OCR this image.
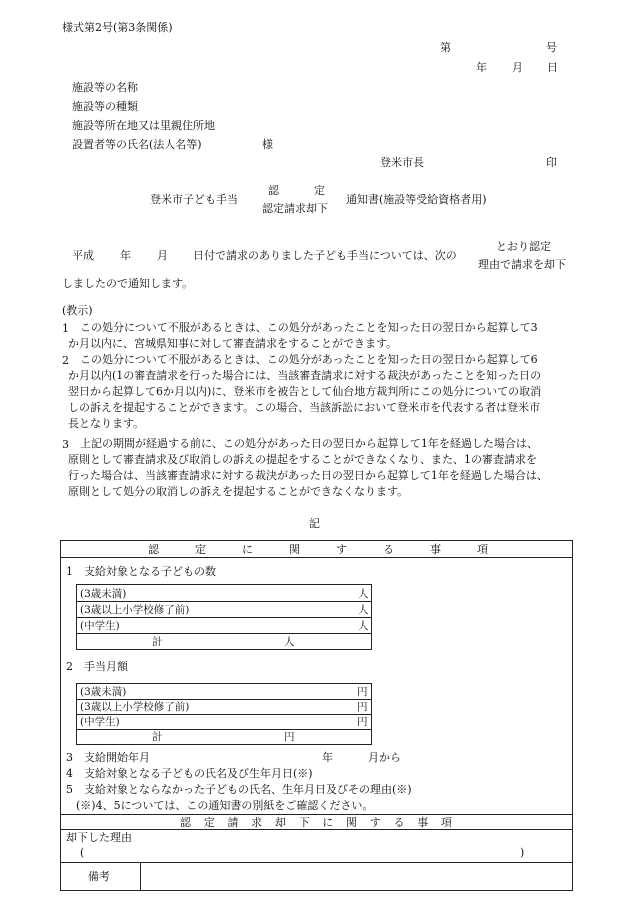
様式第2号(第3条関係)
第	号
年 月 日
施設等の名称
施設等の種類
施設等所在地又は里親住所地
設置者等の氏名(法人名等)	様
登米市長	印
登米市子ども手当
認	定
認定請求却下
通知書(施設等受給資格者用)
平成 年 月 日付で請求のありました子ども手当については、次の
とおり認定
理由で請求を却下
しましたので通知します。
(教示)
1 この処分について不服があるときは、この処分があったことを知った日の翌日から起算して3
か月以内に、宮城県知事に対して審査請求をすることができます。
2 この処分について不服があるときは、この処分があったことを知った日の翌日から起算して6
か月以内(1の審査請求を行った場合には、当該審査請求に対する裁決があったことを知った日の
翌日から起算して6か月以内)に、登米市を被告として仙台地方裁判所にこの処分についての取消
しの訴えを提起することができます。この場合、当該訴訟において登米市を代表する者は登米市
長となります。
3 上記の期間が経過する前に、この処分があった日の翌日から起算して1年を経過した場合は、
原則として審査請求及び取消しの訴えの提起をすることができなくなり、また、1の審査請求を
行った場合は、当該審査請求に対する裁決があった日の翌日から起算して1年を経過した場合は、
原則として処分の取消しの訴えを提起することができなくなります。
記
認	定	に	関	す	る	事	項
1　支給対象となる子どもの数
(3歳未満)	人
(3歳以上小学校修了前)	人
(中学生)	人
計	人
2　手当月額
(3歳未満)	円
(3歳以上小学校修了前)	円
(中学生)	円
計	円
3　支給開始年月	年	月から
4　支給対象となる子どもの氏名及び生年月日(※)
5　支給対象とならなかった子どもの氏名、生年月日及びその理由(※)
(※)4、5については、この通知書の別紙をご確認ください。
認 定 請 求 却 下 に 関 す る 事 項
却下した理由
(	)
備考
